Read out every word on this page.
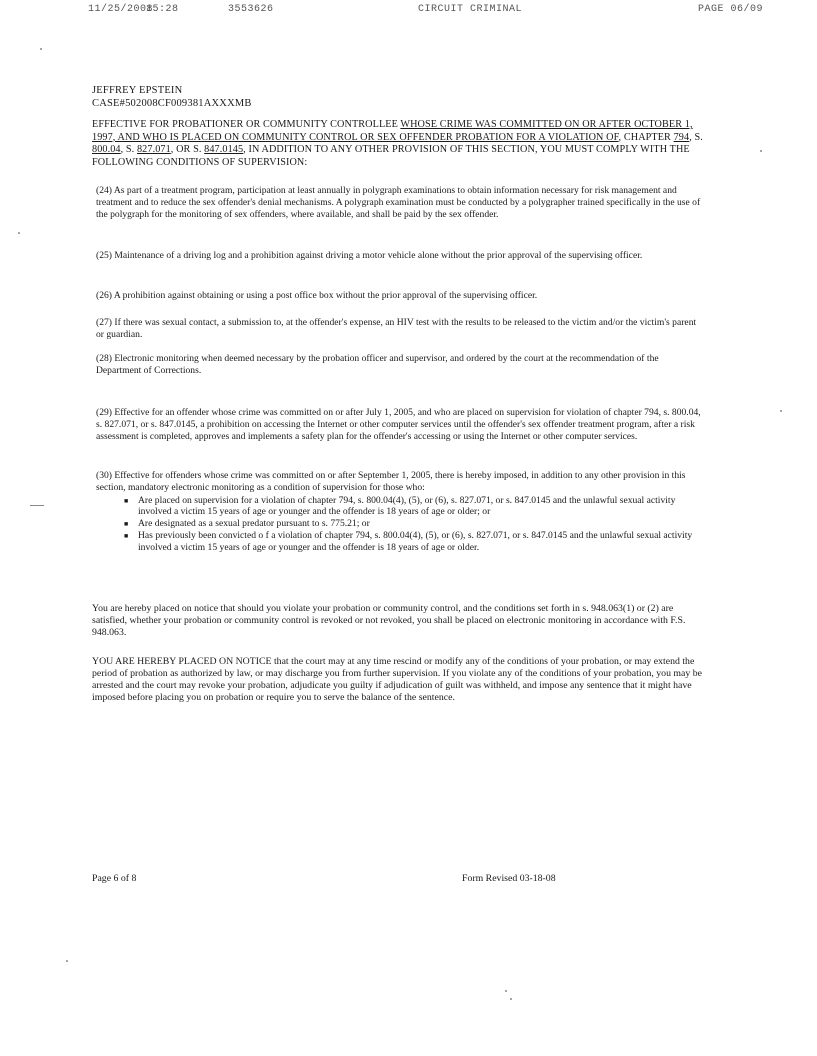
11/25/2008
15:28	3553626	CIRCUIT CRIMINAL	PAGE 06/09
JEFFREY EPSTEIN
CASE#502008CF009381AXXXMB
EFFECTIVE FOR PROBATIONER OR COMMUNITY CONTROLLEE WHOSE CRIME WAS COMMITTED ON OR AFTER OCTOBER 1, 1997, AND WHO IS PLACED ON COMMUNITY CONTROL OR SEX OFFENDER PROBATION FOR A VIOLATION OF, CHAPTER 794, S. 800.04, S. 827.071, OR S. 847.0145, IN ADDITION TO ANY OTHER PROVISION OF THIS SECTION, YOU MUST COMPLY WITH THE FOLLOWING CONDITIONS OF SUPERVISION:
(24) As part of a treatment program, participation at least annually in polygraph examinations to obtain information necessary for risk management and treatment and to reduce the sex offender's denial mechanisms. A polygraph examination must be conducted by a polygrapher trained specifically in the use of the polygraph for the monitoring of sex offenders, where available, and shall be paid by the sex offender.
(25) Maintenance of a driving log and a prohibition against driving a motor vehicle alone without the prior approval of the supervising officer.
(26) A prohibition against obtaining or using a post office box without the prior approval of the supervising officer.
(27) If there was sexual contact, a submission to, at the offender's expense, an HIV test with the results to be released to the victim and/or the victim's parent or guardian.
(28) Electronic monitoring when deemed necessary by the probation officer and supervisor, and ordered by the court at the recommendation of the Department of Corrections.
(29) Effective for an offender whose crime was committed on or after July 1, 2005, and who are placed on supervision for violation of chapter 794, s. 800.04, s. 827.071, or s. 847.0145, a prohibition on accessing the Internet or other computer services until the offender's sex offender treatment program, after a risk assessment is completed, approves and implements a safety plan for the offender's accessing or using the Internet or other computer services.
(30) Effective for offenders whose crime was committed on or after September 1, 2005, there is hereby imposed, in addition to any other provision in this section, mandatory electronic monitoring as a condition of supervision for those who:
■ Are placed on supervision for a violation of chapter 794, s. 800.04(4), (5), or (6), s. 827.071, or s. 847.0145 and the unlawful sexual activity involved a victim 15 years of age or younger and the offender is 18 years of age or older; or
■ Are designated as a sexual predator pursuant to s. 775.21; or
■ Has previously been convicted o f a violation of chapter 794, s. 800.04(4), (5), or (6), s. 827.071, or s. 847.0145 and the unlawful sexual activity involved a victim 15 years of age or younger and the offender is 18 years of age or older.
You are hereby placed on notice that should you violate your probation or community control, and the conditions set forth in s. 948.063(1) or (2) are satisfied, whether your probation or community control is revoked or not revoked, you shall be placed on electronic monitoring in accordance with F.S. 948.063.
YOU ARE HEREBY PLACED ON NOTICE that the court may at any time rescind or modify any of the conditions of your probation, or may extend the period of probation as authorized by law, or may discharge you from further supervision. If you violate any of the conditions of your probation, you may be arrested and the court may revoke your probation, adjudicate you guilty if adjudication of guilt was withheld, and impose any sentence that it might have imposed before placing you on probation or require you to serve the balance of the sentence.
Page 6 of 8	Form Revised 03-18-08
